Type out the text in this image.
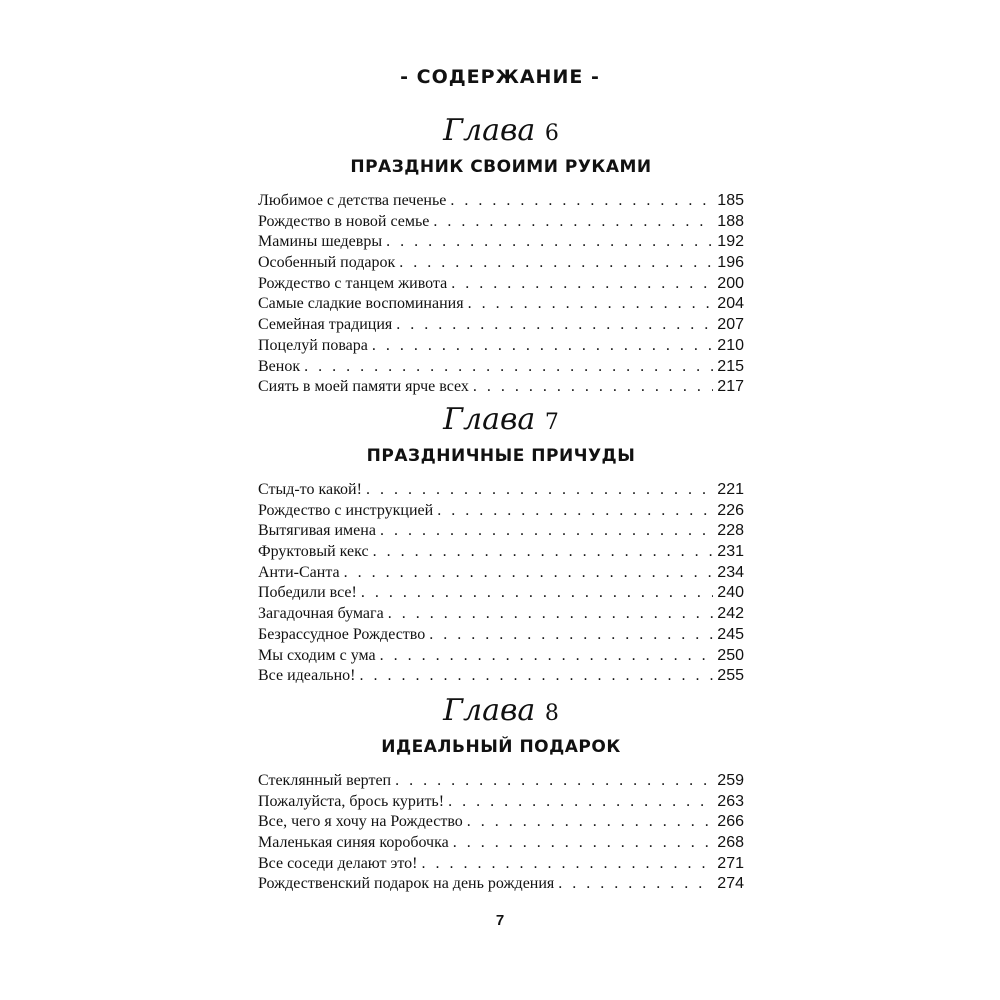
- СОДЕРЖАНИЕ -
Глава 6
ПРАЗДНИК СВОИМИ РУКАМИ
Любимое с детства печенье . . .	185
Рождество в новой семье . . .	188
Мамины шедевры . . .	192
Особенный подарок . . .	196
Рождество с танцем живота . . .	200
Самые сладкие воспоминания . . .	204
Семейная традиция . . .	207
Поцелуй повара . . .	210
Венок . . .	215
Сиять в моей памяти ярче всех . . .	217
Глава 7
ПРАЗДНИЧНЫЕ ПРИЧУДЫ
Стыд-то какой! . . .	221
Рождество с инструкцией . . .	226
Вытягивая имена . . .	228
Фруктовый кекс . . .	231
Анти-Санта . . .	234
Победили все! . . .	240
Загадочная бумага . . .	242
Безрассудное Рождество . . .	245
Мы сходим с ума . . .	250
Все идеально! . . .	255
Глава 8
ИДЕАЛЬНЫЙ ПОДАРОК
Стеклянный вертеп . . .	259
Пожалуйста, брось курить! . . .	263
Все, чего я хочу на Рождество . . .	266
Маленькая синяя коробочка . . .	268
Все соседи делают это! . . .	271
Рождественский подарок на день рождения . . .	274
7
